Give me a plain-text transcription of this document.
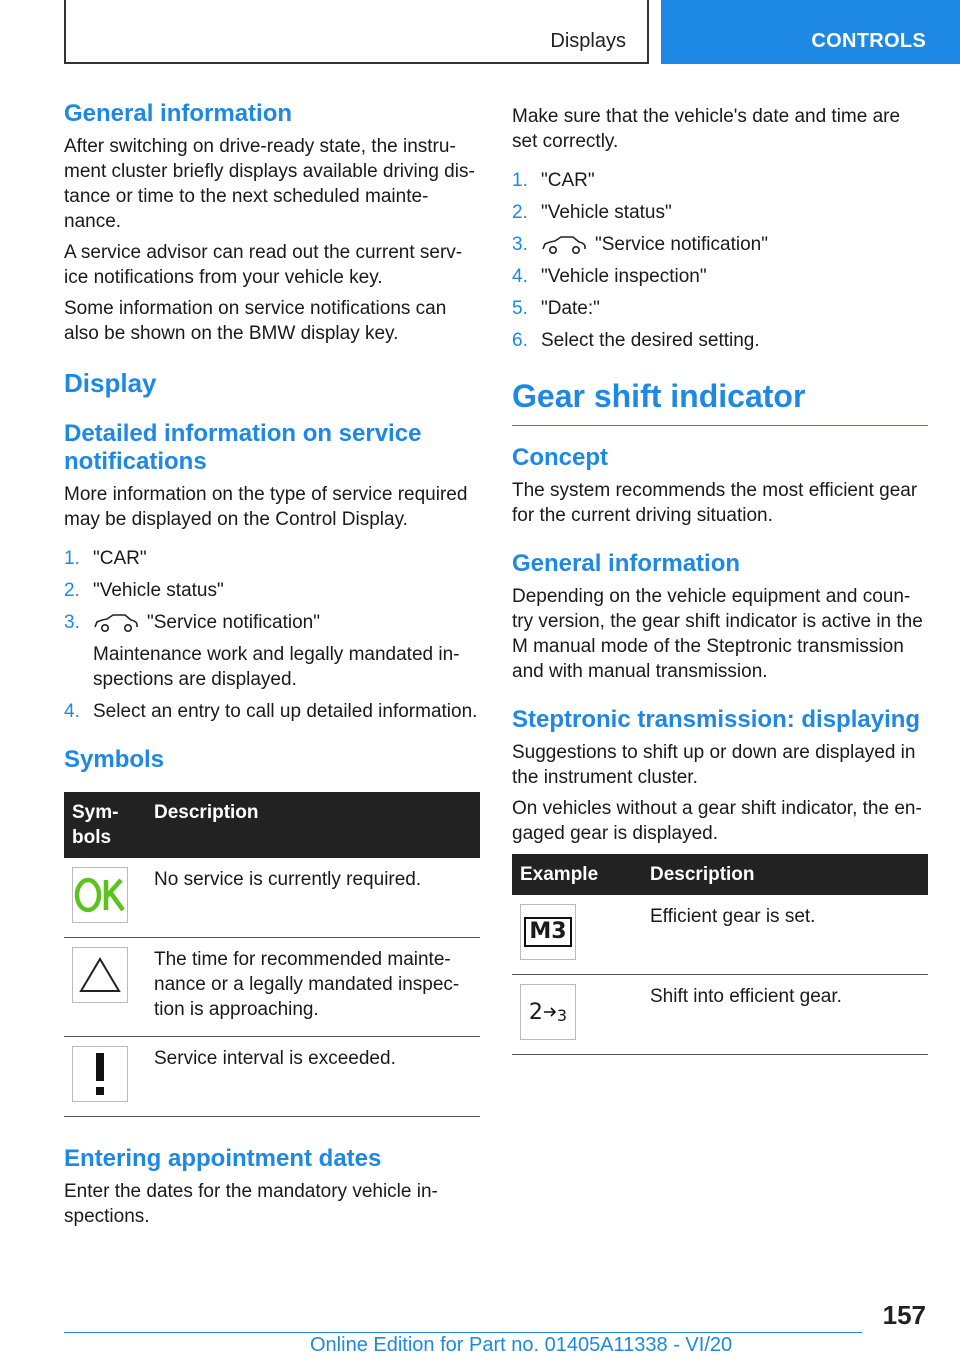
Displays	CONTROLS
General information

After switching on drive-ready state, the instru‐ment cluster briefly displays available driving dis‐tance or time to the next scheduled mainte‐nance.

A service advisor can read out the current serv‐ice notifications from your vehicle key.

Some information on service notifications can also be shown on the BMW display key.

Display
Detailed information on service notifications

More information on the type of service required may be displayed on the Control Display.

1. "CAR"
2. "Vehicle status"
3.	"Service notification"
Maintenance work and legally mandated in‐spections are displayed.
4. Select an entry to call up detailed information.
Symbols
Sym‐bols	Description

	No service is currently required.

	The time for recommended mainte‐nance or a legally mandated inspec‐tion is approaching.

	Service interval is exceeded.
Entering appointment dates

Enter the dates for the mandatory vehicle in‐spections.

Make sure that the vehicle's date and time are set correctly.

1. "CAR"
2. "Vehicle status"
3.	"Service notification"
4. "Vehicle inspection"
5. "Date:"
6. Select the desired setting.
Gear shift indicator
Concept

The system recommends the most efficient gear for the current driving situation.

General information

Depending on the vehicle equipment and coun‐try version, the gear shift indicator is active in the M manual mode of the Steptronic transmission and with manual transmission.

Steptronic transmission: displaying

Suggestions to shift up or down are displayed in the instrument cluster.

On vehicles without a gear shift indicator, the en‐gaged gear is displayed.

Example	Description

M3	Efficient gear is set.

2 3	Shift into efficient gear.
157
Online Edition for Part no. 01405A11338 - VI/20
